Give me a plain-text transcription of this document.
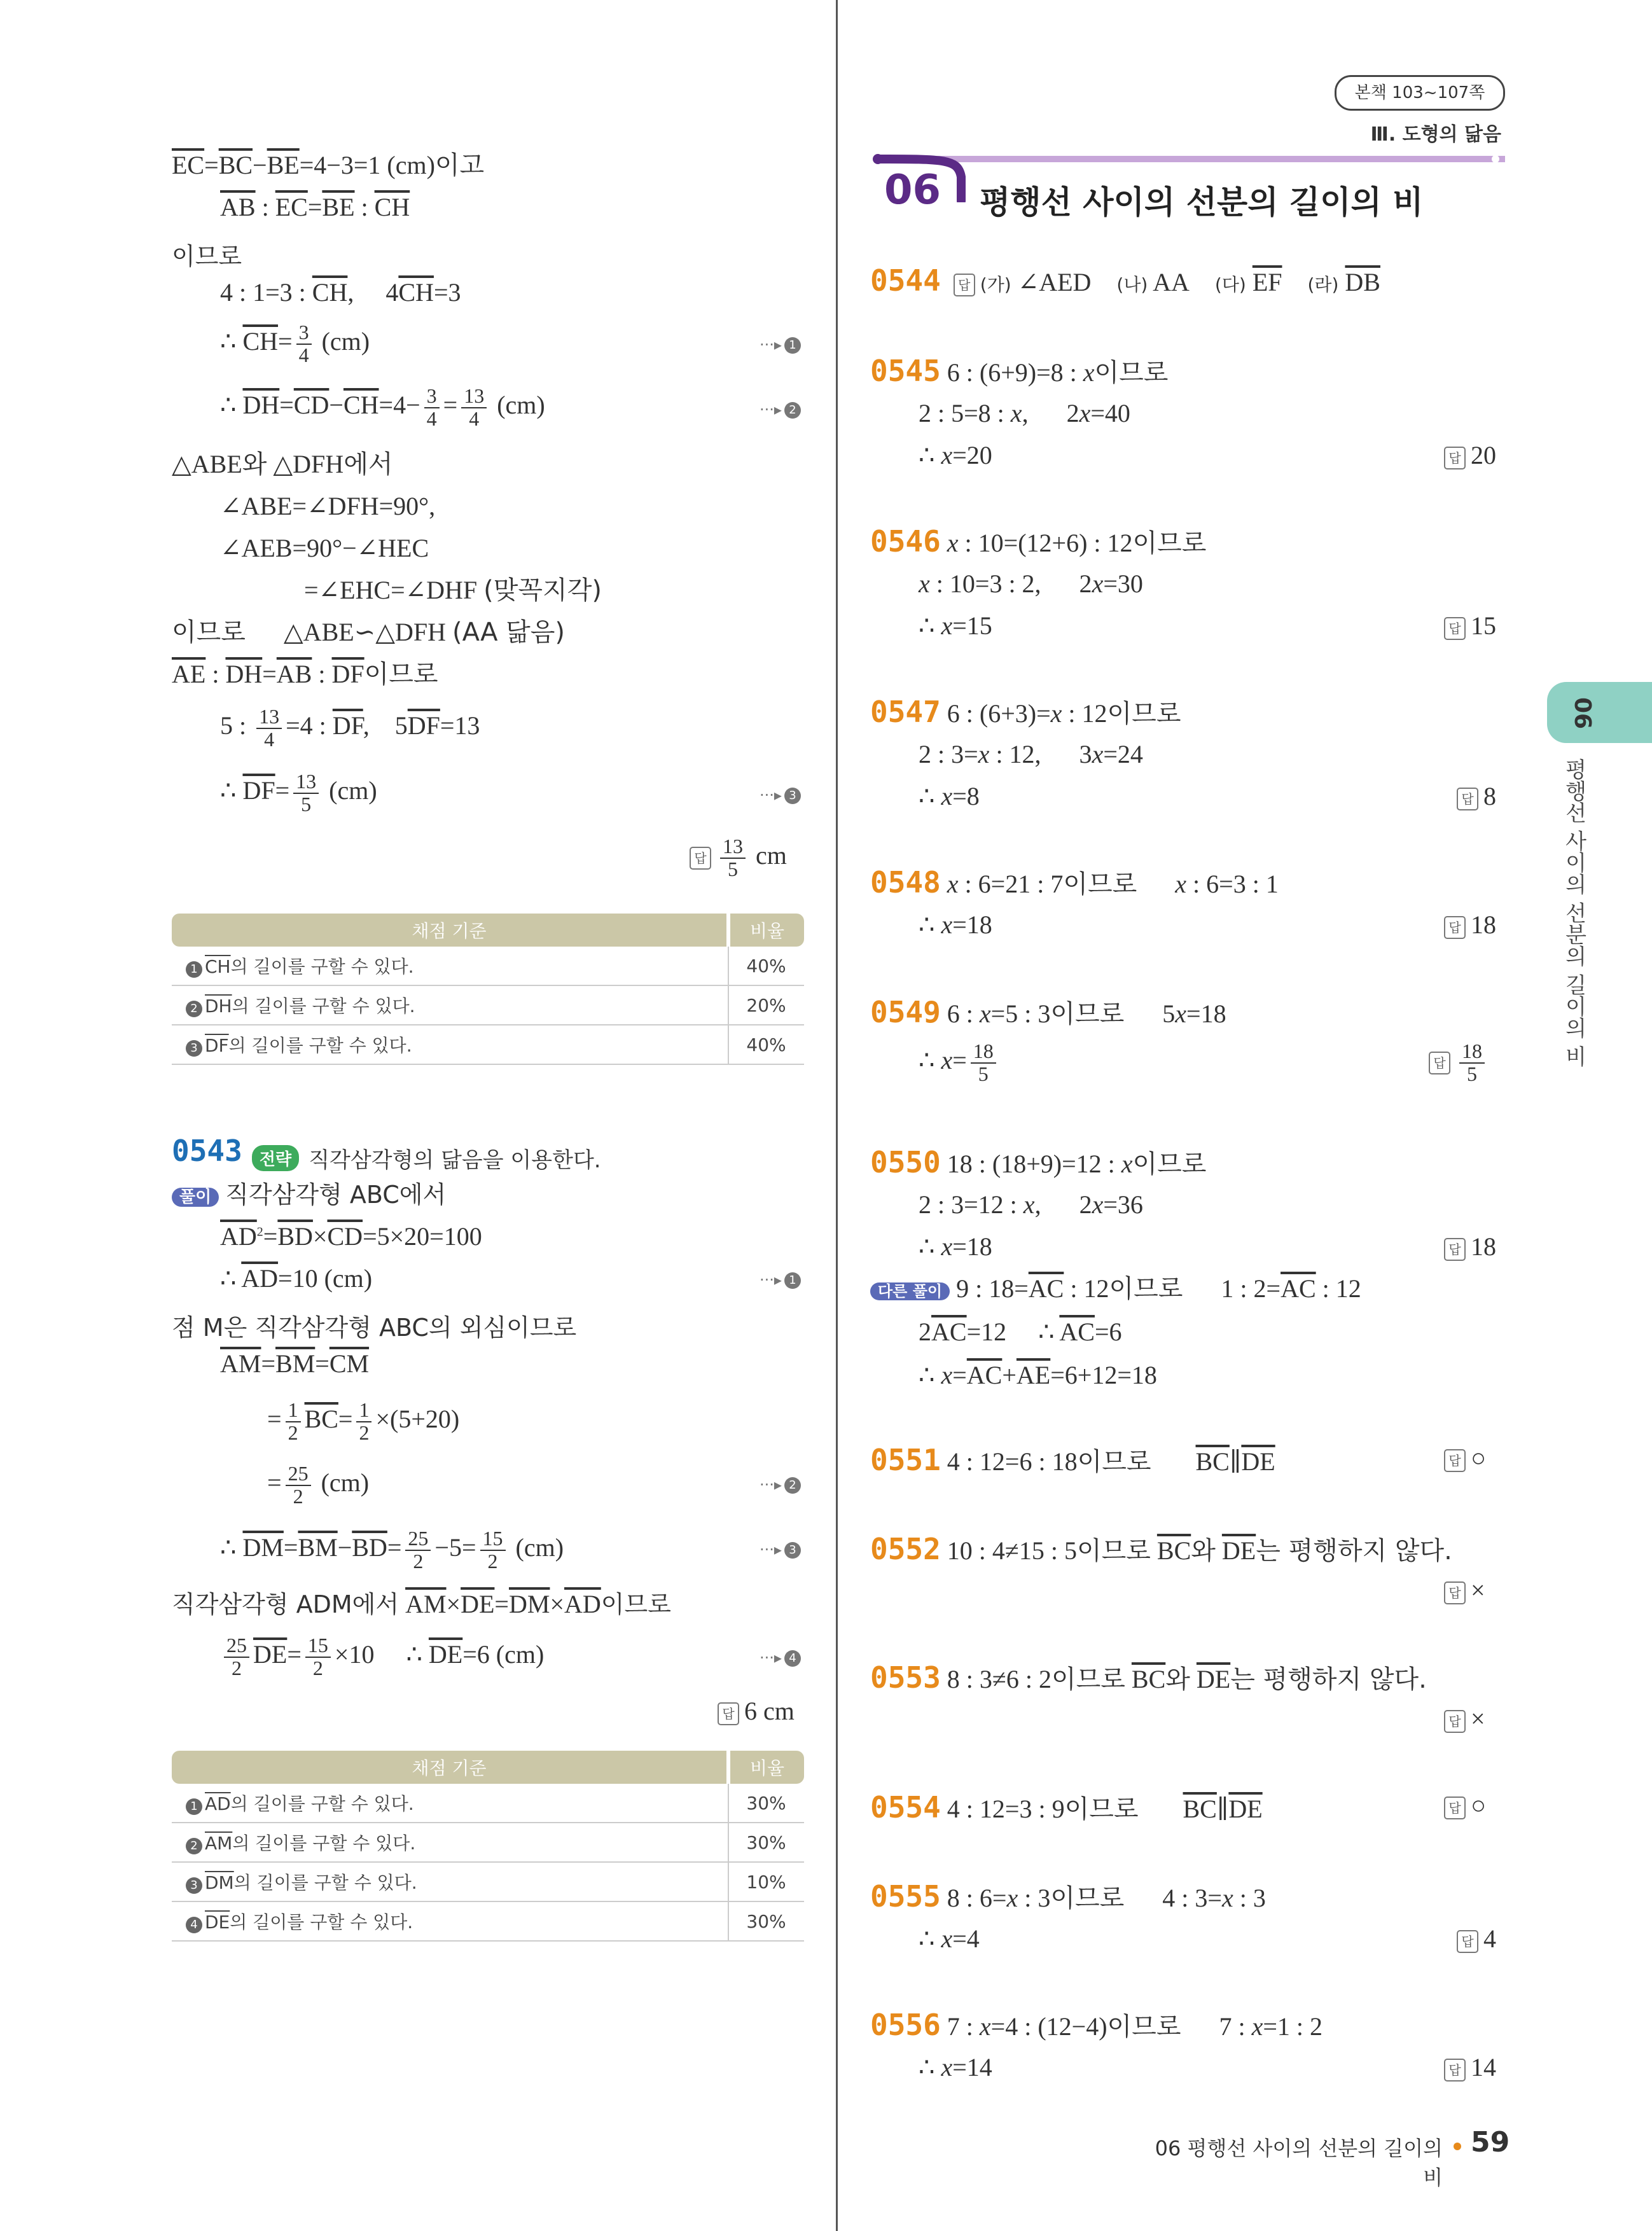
본책 103~107쪽
Ⅲ. 도형의 닮음
06 평행선 사이의 선분의 길이의 비
06
평행선 사이의 선분의 길이의 비
06 평행선 사이의 선분의 길이의 비
59
$\overline{EC}=\overline{BC}-\overline{BE}=4-3=1$ (cm)이고
$\overline{AB}$ : $\overline{EC}=\overline{BE}$ : $\overline{CH}$
이므로
4 : 1=3 : $\overline{CH}$,     $4\overline{CH}=3$
∴ $\overline{CH}= \frac{3}{4} (cm)$	···▸ 1
∴ $\overline{DH}=\overline{CD}-\overline{CH}=4- \frac{3}{4} = \frac{13}{4} (cm)$	···▸ 2
△ABE와 △DFH에서
∠ABE=∠DFH=90°,
∠AEB=90°−∠HEC
=∠EHC=∠DHF (맞꼭지각)
이므로      △ABE∽△DFH (AA 닮음)
$\overline{AE}$ : $\overline{DH}=\overline{AB}$ : $\overline{DF}$이므로
5 : $\frac{13}{4} =4$ : $\overline{DF}$,    $5\overline{DF}=13$
∴ $\overline{DF}= \frac{13}{5} (cm)$	···▸ 3
답 $\frac{13}{5}$ cm
채점 기준	비율
1 $\overline{CH}$의 길이를 구할 수 있다.	40%
2 $\overline{DH}$의 길이를 구할 수 있다.	20%
3 $\overline{DF}$의 길이를 구할 수 있다.	40%
0543 전략 직각삼각형의 닮음을 이용한다.
풀이 직각삼각형 ABC에서
$\overline{AD}^2=\overline{BD}\times\overline{CD}=5\times 20=100$
∴ $\overline{AD}=10$ (cm)	···▸ 1
점 M은 직각삼각형 ABC의 외심이므로
$\overline{AM}=\overline{BM}=\overline{CM}$
= $\frac{1}{2} \overline{BC}= \frac{1}{2} \times(5+20)$
= $\frac{25}{2} (cm)$	···▸ 2
∴ $\overline{DM}=\overline{BM}-\overline{BD}= \frac{25}{2} -5= \frac{15}{2} (cm)$	···▸ 3
직각삼각형 ADM에서 $\overline{AM}\times\overline{DE}=\overline{DM}\times\overline{AD}$이므로
$\frac{25}{2} \overline{DE}= \frac{15}{2} \times 10$     ∴ $\overline{DE}=6$ (cm)	···▸ 4
답 6 cm
채점 기준	비율
1 $\overline{AD}$의 길이를 구할 수 있다.	30%
2 $\overline{AM}$의 길이를 구할 수 있다.	30%
3 $\overline{DM}$의 길이를 구할 수 있다.	10%
4 $\overline{DE}$의 길이를 구할 수 있다.	30%
0544 답 (가) ∠AED    (나) AA    (다) $\overline{EF}$ (라) $\overline{DB}$
0545 6 : (6+9)=8 : x이므로
2 : 5=8 : x,      2x=40
∴ x=20	답 20
0546 x : 10=(12+6) : 12이므로
x : 10=3 : 2,      2x=30
∴ x=15	답 15
0547 6 : (6+3)=x : 12이므로
2 : 3=x : 12,      3x=24
∴ x=8	답 8
0548 x : 6=21 : 7이므로 x : 6=3 : 1
∴ x=18	답 18
0549 6 : x=5 : 3이므로      5x=18
∴ $x= \frac{18}{5}$	답 $\frac{18}{5}$
0550 18 : (18+9)=12 : x이므로
2 : 3=12 : x,      2x=36
∴ x=18	답 18
다른 풀이 9 : $18=\overline{AC}$ : 12이므로      1 : $2=\overline{AC}$ : 12
$2\overline{AC}=12$     ∴ $\overline{AC}=6$
∴ $x=\overline{AC}+\overline{AE}=6+12=18$
0551 4 : 12=6 : 18이므로 $\overline{BC}\parallel\overline{DE}$	답 ○
0552 10 : 4≠15 : 5이므로 $\overline{BC}$와 $\overline{DE}$는 평행하지 않다.
답 ×
0553 8 : 3≠6 : 2이므로 $\overline{BC}$와 $\overline{DE}$는 평행하지 않다.
답 ×
0554 4 : 12=3 : 9이므로 $\overline{BC}\parallel\overline{DE}$	답 ○
0555 8 : 6=x : 3이므로      4 : 3=x : 3
∴ x=4	답 4
0556 7 : x=4 : (12−4)이므로      7 : x=1 : 2
∴ x=14	답 14
